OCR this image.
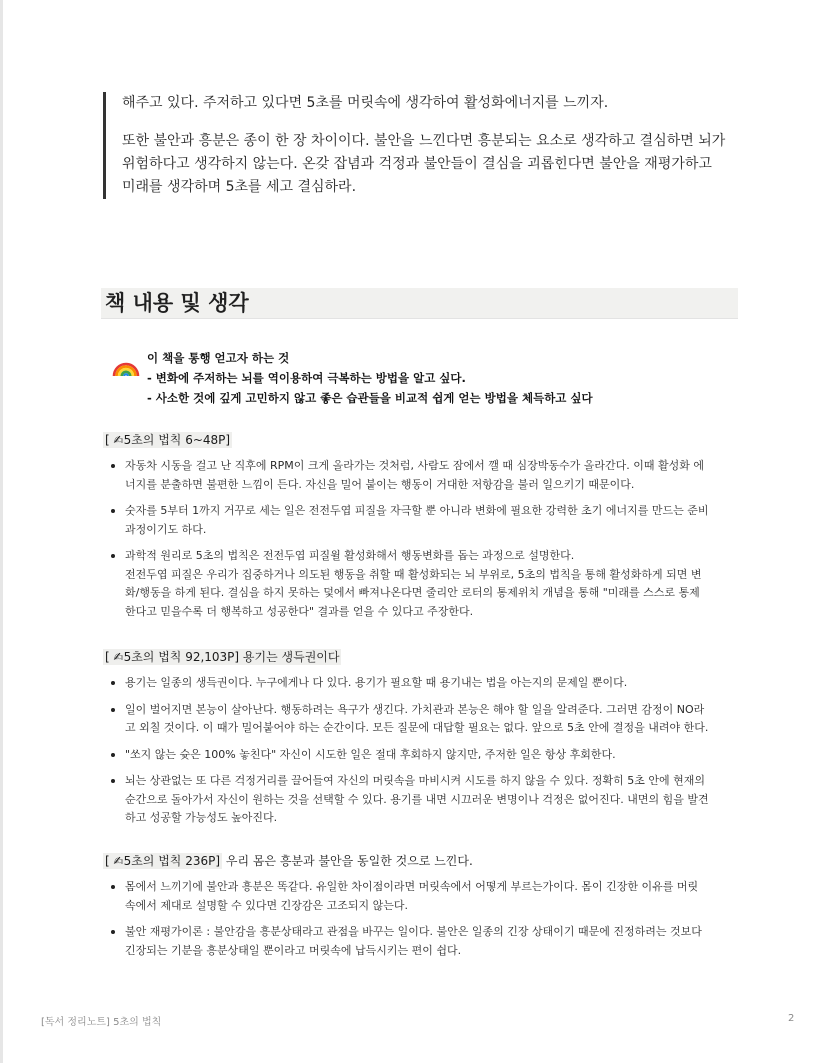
해주고 있다. 주저하고 있다면 5초를 머릿속에 생각하여 활성화에너지를 느끼자.

또한 불안과 흥분은 종이 한 장 차이이다. 불안을 느낀다면 흥분되는 요소로 생각하고 결심하면 뇌가
위험하다고 생각하지 않는다. 온갖 잡념과 걱정과 불안들이 결심을 괴롭힌다면 불안을 재평가하고
미래를 생각하며 5초를 세고 결심하라.

책 내용 및 생각
이 책을 통행 얻고자 하는 것
- 변화에 주저하는 뇌를 역이용하여 극복하는 방법을 알고 싶다.
- 사소한 것에 깊게 고민하지 않고 좋은 습관들을 비교적 쉽게 얻는 방법을 체득하고 싶다
[ ✍5초의 법칙 6~48P]
자동차 시동을 걸고 난 직후에 RPM이 크게 올라가는 것처럼, 사람도 잠에서 깰 때 심장박동수가 올라간다. 이때 활성화 에
너지를 분출하면 불편한 느낌이 든다. 자신을 밀어 붙이는 행동이 거대한 저항감을 불러 일으키기 때문이다.
숫자를 5부터 1까지 거꾸로 세는 일은 전전두엽 피질을 자극할 뿐 아니라 변화에 필요한 강력한 초기 에너지를 만드는 준비
과정이기도 하다.
과학적 원리로 5초의 법칙은 전전두엽 피질윌 활성화해서 행동변화를 돕는 과정으로 설명한다.
전전두엽 피질은 우리가 집중하거나 의도된 행동을 취할 때 활성화되는 뇌 부위로, 5초의 법칙을 통해 활성화하게 되면 변
화/행동을 하게 된다. 결심을 하지 못하는 덫에서 빠져나온다면 줄리안 로터의 통제위치 개념을 통해 "미래를 스스로 통제
한다고 믿을수록 더 행복하고 성공한다" 결과를 얻을 수 있다고 주장한다.
[ ✍5초의 법칙 92,103P] 용기는 생득권이다
용기는 일종의 생득권이다. 누구에게나 다 있다. 용기가 필요할 때 용기내는 법을 아는지의 문제일 뿐이다.
일이 벌어지면 본능이 살아난다. 행동하려는 욕구가 생긴다. 가치관과 본능은 해야 할 일을 알려준다. 그러면 감정이 NO라
고 외칠 것이다. 이 때가 밀어붙어야 하는 순간이다. 모든 질문에 대답할 필요는 없다. 앞으로 5초 안에 결정을 내려야 한다.
"쏘지 않는 슛은 100% 놓친다" 자신이 시도한 일은 절대 후회하지 않지만, 주저한 일은 항상 후회한다.
뇌는 상관없는 또 다른 걱정거리를 끌어들여 자신의 머릿속을 마비시켜 시도를 하지 않을 수 있다. 정확히 5초 안에 현재의
순간으로 돌아가서 자신이 원하는 것을 선택할 수 있다. 용기를 내면 시끄러운 변명이나 걱정은 없어진다. 내면의 힘을 발견
하고 성공할 가능성도 높아진다.
[ ✍5초의 법칙 236P] 우리 몸은 흥분과 불안을 동일한 것으로 느낀다.
몸에서 느끼기에 불안과 흥분은 똑같다. 유일한 차이점이라면 머릿속에서 어떻게 부르는가이다. 몸이 긴장한 이유를 머릿
속에서 제대로 설명할 수 있다면 긴장감은 고조되지 않는다.
불안 재평가이론 : 불안감을 흥분상태라고 관점을 바꾸는 일이다. 불안은 일종의 긴장 상태이기 때문에 진정하려는 것보다
긴장되는 기분을 흥분상태일 뿐이라고 머릿속에 납득시키는 편이 쉽다.
[독서 정리노트] 5초의 법칙	2
